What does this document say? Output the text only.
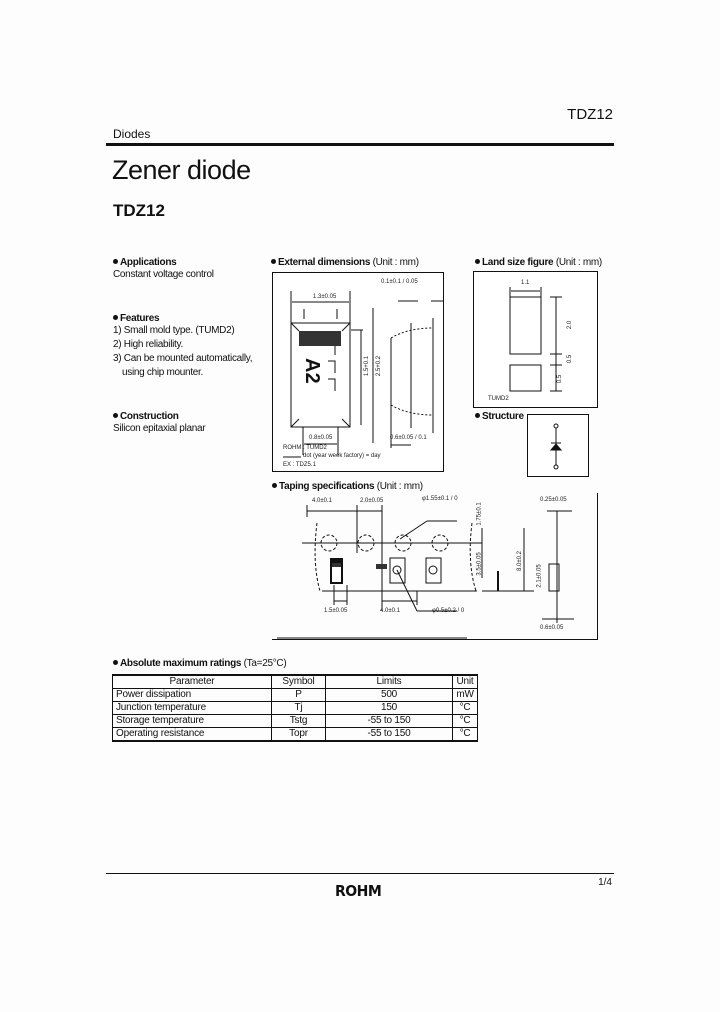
TDZ12
Diodes
Zener diode
TDZ12
Applications
Constant voltage control
Features
1) Small mold type. (TUMD2)
2) High reliability.
3) Can be mounted automatically,
using chip mounter.
Construction
Silicon epitaxial planar
External dimensions (Unit : mm)
A2
1.3±0.05
0.1±0.1 / 0.05
1.5+0.1 2.5+0.2
0.8±0.05	0.6±0.05 / 0.1
ROHM : TUMD2
dot (year week factory) = day
EX : TDZ5.1
Land size figure (Unit : mm)
1.1
2.0
0.5
0.5
TUMD2
Structure
Taping specifications (Unit : mm)
4.0±0.1	2.0±0.05	φ1.55±0.1 / 0
1.75±0.1
3.5±0.05	8.0±0.2
1.5±0.05	4.0±0.1	φ0.5±0.2 / 0
0.25±0.05
2.1±0.05
0.6±0.05
Absolute maximum ratings (Ta=25°C)
Parameter	Symbol	Limits	Unit
Power dissipation	P	500	mW
Junction temperature	Tj	150	°C
Storage temperature	Tstg	-55 to 150	°C
Operating resistance	Topr	-55 to 150	°C
1/4
ROHM
